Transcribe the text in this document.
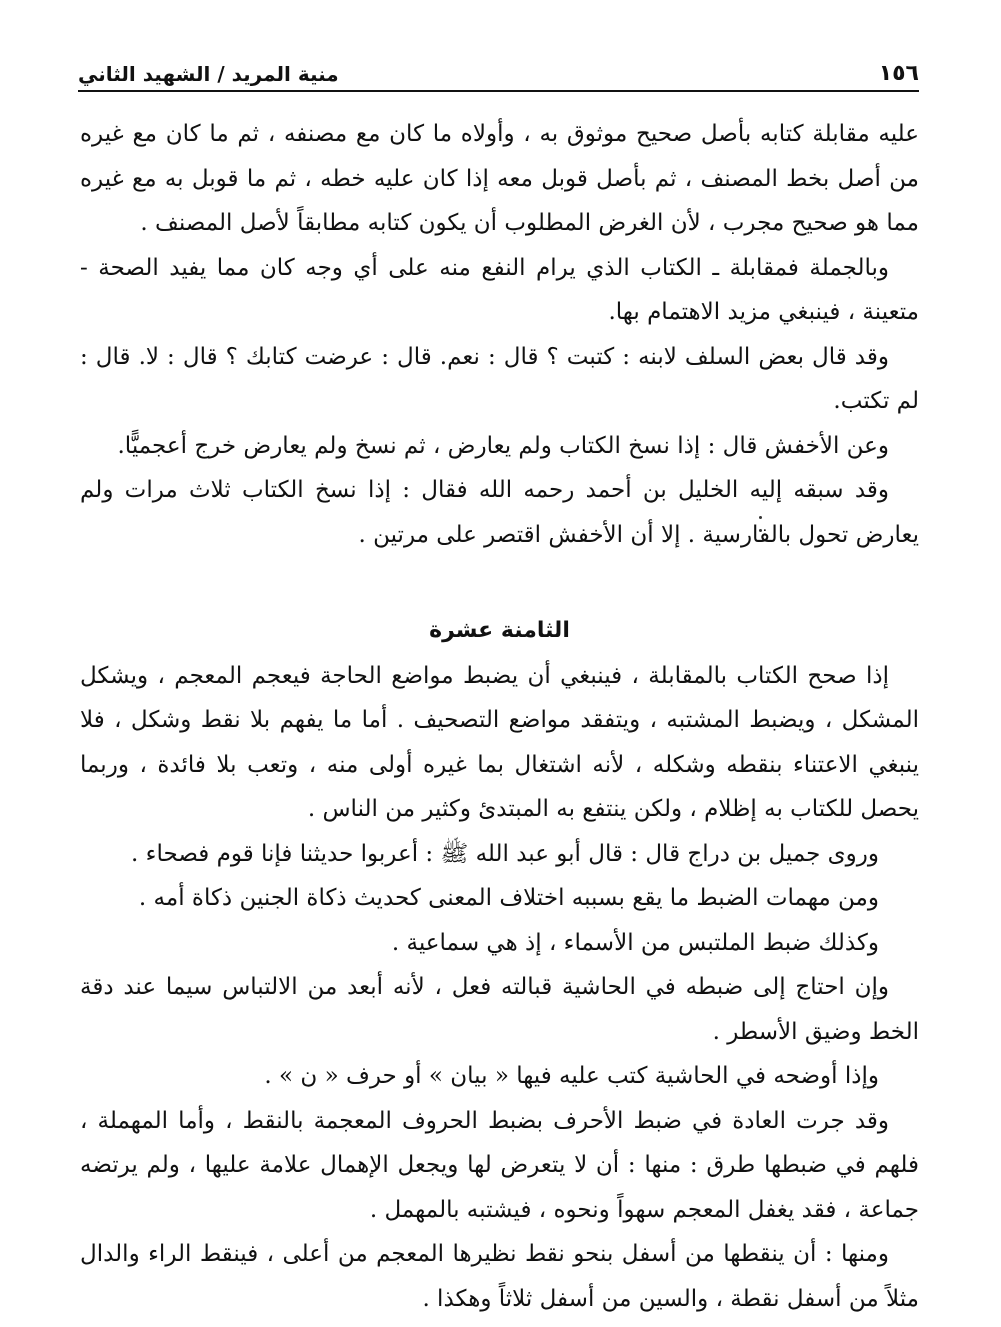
١٥٦
منية المريد / الشهيد الثاني

عليه مقابلة كتابه بأصل صحيح موثوق به ، وأولاه ما كان مع مصنفه ، ثم ما كان مع غيره من أصل بخط المصنف ، ثم بأصل قوبل معه إذا كان عليه خطه ، ثم ما قوبل به مع غيره مما هو صحيح مجرب ، لأن الغرض المطلوب أن يكون كتابه مطابقاً لأصل المصنف .

وبالجملة فمقابلة ـ الكتاب الذي يرام النفع منه على أي وجه كان مما يفيد الصحة - متعينة ، فينبغي مزيد الاهتمام بها.

وقد قال بعض السلف لابنه : كتبت ؟ قال : نعم. قال : عرضت كتابك ؟ قال : لا. قال : لم تكتب.

وعن الأخفش قال : إذا نسخ الكتاب ولم يعارض ، ثم نسخ ولم يعارض خرج أعجميًّا.

وقد سبقه إليه الخليل بن أحمد رحمه الله فقال : إذا نسخ الكتاب ثلاث مرات ولم يعارض تحول بالفارسية . إلا أن الأخفش اقتصر على مرتين .

الثامنة عشرة

إذا صحح الكتاب بالمقابلة ، فينبغي أن يضبط مواضع الحاجة فيعجم المعجم ، ويشكل المشكل ، ويضبط المشتبه ، ويتفقد مواضع التصحيف . أما ما يفهم بلا نقط وشكل ، فلا ينبغي الاعتناء بنقطه وشكله ، لأنه اشتغال بما غيره أولى منه ، وتعب بلا فائدة ، وربما يحصل للكتاب به إظلام ، ولكن ينتفع به المبتدئ وكثير من الناس .

وروى جميل بن دراج قال : قال أبو عبد الله ﷺ : أعربوا حديثنا فإنا قوم فصحاء .

ومن مهمات الضبط ما يقع بسببه اختلاف المعنى كحديث ذكاة الجنين ذكاة أمه .

وكذلك ضبط الملتبس من الأسماء ، إذ هي سماعية .

وإن احتاج إلى ضبطه في الحاشية قبالته فعل ، لأنه أبعد من الالتباس سيما عند دقة الخط وضيق الأسطر .

وإذا أوضحه في الحاشية كتب عليه فيها « بيان » أو حرف « ن » .

وقد جرت العادة في ضبط الأحرف بضبط الحروف المعجمة بالنقط ، وأما المهملة ، فلهم في ضبطها طرق : منها : أن لا يتعرض لها ويجعل الإهمال علامة عليها ، ولم يرتضه جماعة ، فقد يغفل المعجم سهواً ونحوه ، فيشتبه بالمهمل .

ومنها : أن ينقطها من أسفل بنحو نقط نظيرها المعجم من أعلى ، فينقط الراء والدال مثلاً من أسفل نقطة ، والسين من أسفل ثلاثاً وهكذا .
